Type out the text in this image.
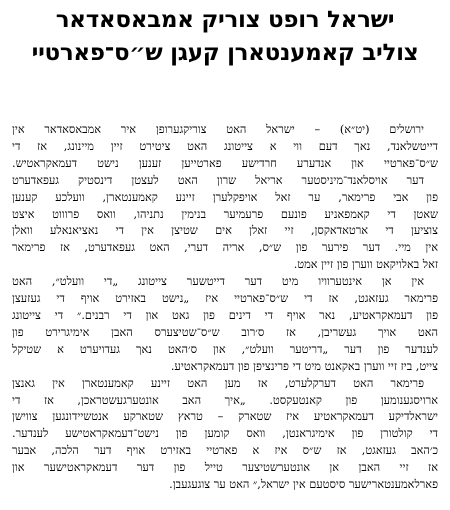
ישראל רופט צוריק אמבאסאדאר
צוליב קאמענטארן קעגן ש״ס־פארטיי

ירושלים (יט״א) – ישראל האט צוריקגערופן איר אמבאסאדאר אין
דייטשלאנד, נאך דעם ווי א צייטונג האט ציטירט זיין מיינונג, אז די
ש״ס־פארטיי און אנדערע חרדישע פארטייען זענען נישט דעמאקראטיש.
דער אויסלאנד־מיניסטער אריאל שרון האט לעצטן דינסטיק געפאדערט
פון אבי פרימאר, ער זאל אויפקלערן זיינע קאמענטארן, וועלכע קענען
שאטן די קאמפאניע פונעם פרעמיער בנימין נתניהו, וואס פרוווט איצט
צוציען די ארטאדאקסן, זיי זאלן אים שטיצן אין די נאציאנאלע וואלן
אין מיי. דער פירער פון ש״ס, אריה דערי, האט געפאדערט, אז פרימאר
זאל באלויקאט ווערן פון זיין אמט.

אין אן אינטערוויו מיט דער דייטשער צייטונג „די וועלט״, האט
פרימאר געזאגט, אז די ש״ס־פארטיי איז „נישט באזירט אויף די געזעצן
פון דעמאקראטיע, נאר אויף די דינים פון גאט און די רבנים.״ די צייטונג
האט אויך געשריבן, אז ס׳רוב ש״ס־שטיצערס האבן אימיגרירט פון
לענדער פון דער „דריטער וועלט״, און ס׳האט נאך געדויערט א שטיקל
צייט, ביז זיי ווערן באקאנט מיט די פרינציפן פון דעמאקראטיע.

פרימאר האט דערקלערט, אז מען האט זיינע קאמענטארן אין גאנצן
ארויסגענומען פון קאנטעקסט. „איך האב אונטערגעשטראכן, אז די
ישראלדיקע דעמאקראטיע איז שטארק – טראץ שטארקע אנטשיידונגען צווישן
די קולטורן פון אימיגראנטן, וואס קומען פון נישט־דעמאקראטישע לענדער.
כ׳האב געזאגט, אז ש״ס איז א פארטיי באזירט אויף דער הלכה, אבער
אז זיי האבן אן אונטערשטיצער טייל פון דער דעמאקראטישער און
פארלאמענטארישער סיסטעם אין ישראל,״ האט ער צוגעגעבן.
